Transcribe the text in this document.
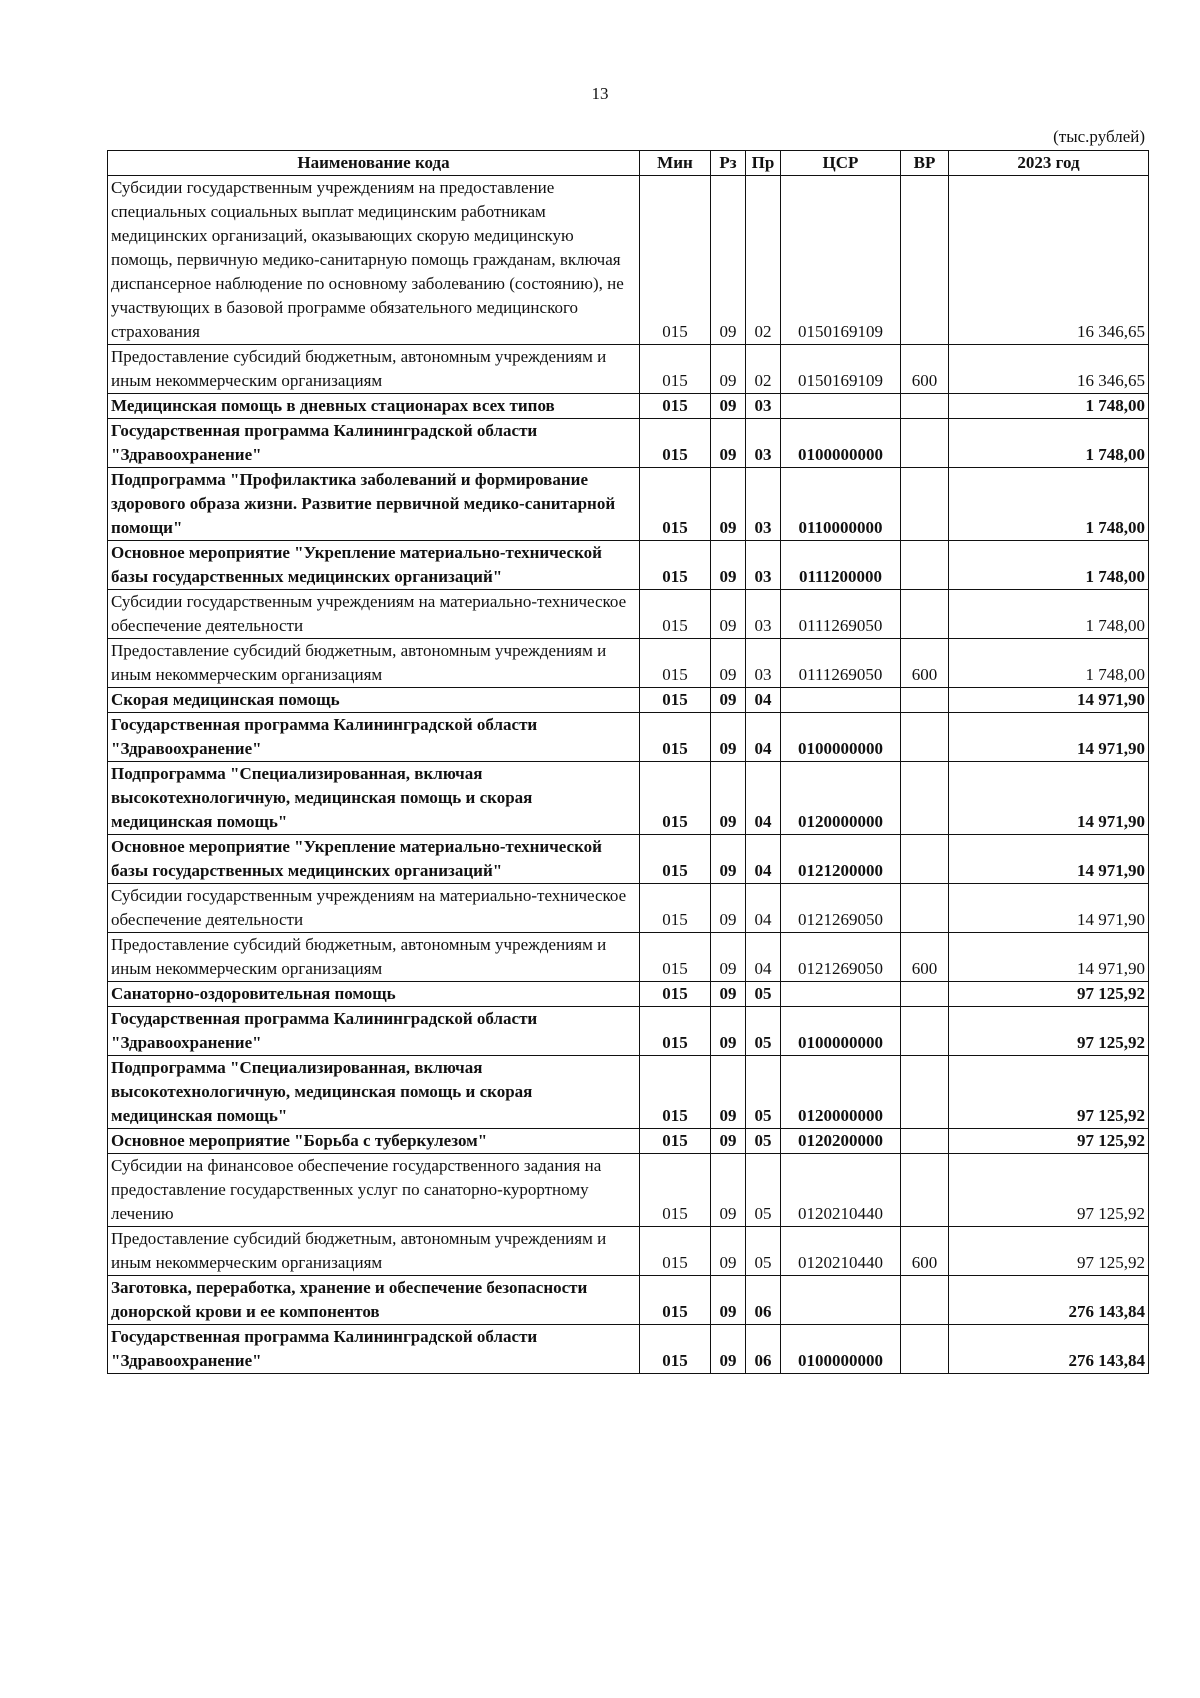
13
(тыс.рублей)
Наименование кода	Мин	Рз	Пр	ЦСР	ВР	2023 год
Субсидии государственным учреждениям на предоставление специальных социальных выплат медицинским работникам медицинских организаций, оказывающих скорую медицинскую помощь, первичную медико-санитарную помощь гражданам, включая диспансерное наблюдение по основному заболеванию (состоянию), не участвующих в базовой программе обязательного медицинского страхования	015	09	02	0150169109		16 346,65
Предоставление субсидий бюджетным, автономным учреждениям и иным некоммерческим организациям	015	09	02	0150169109	600	16 346,65
Медицинская помощь в дневных стационарах всех типов	015	09	03			1 748,00
Государственная программа Калининградской области "Здравоохранение"	015	09	03	0100000000		1 748,00
Подпрограмма "Профилактика заболеваний и формирование здорового образа жизни. Развитие первичной медико-санитарной помощи"	015	09	03	0110000000		1 748,00
Основное мероприятие "Укрепление материально-технической базы государственных медицинских организаций"	015	09	03	0111200000		1 748,00
Субсидии государственным учреждениям на материально-техническое обеспечение деятельности	015	09	03	0111269050		1 748,00
Предоставление субсидий бюджетным, автономным учреждениям и иным некоммерческим организациям	015	09	03	0111269050	600	1 748,00
Скорая медицинская помощь	015	09	04			14 971,90
Государственная программа Калининградской области "Здравоохранение"	015	09	04	0100000000		14 971,90
Подпрограмма "Специализированная, включая высокотехнологичную, медицинская помощь и скорая медицинская помощь"	015	09	04	0120000000		14 971,90
Основное мероприятие "Укрепление материально-технической базы государственных медицинских организаций"	015	09	04	0121200000		14 971,90
Субсидии государственным учреждениям на материально-техническое обеспечение деятельности	015	09	04	0121269050		14 971,90
Предоставление субсидий бюджетным, автономным учреждениям и иным некоммерческим организациям	015	09	04	0121269050	600	14 971,90
Санаторно-оздоровительная помощь	015	09	05			97 125,92
Государственная программа Калининградской области "Здравоохранение"	015	09	05	0100000000		97 125,92
Подпрограмма "Специализированная, включая высокотехнологичную, медицинская помощь и скорая медицинская помощь"	015	09	05	0120000000		97 125,92
Основное мероприятие "Борьба с туберкулезом"	015	09	05	0120200000		97 125,92
Субсидии на финансовое обеспечение государственного задания на предоставление государственных услуг по санаторно-курортному лечению	015	09	05	0120210440		97 125,92
Предоставление субсидий бюджетным, автономным учреждениям и иным некоммерческим организациям	015	09	05	0120210440	600	97 125,92
Заготовка, переработка, хранение и обеспечение безопасности донорской крови и ее компонентов	015	09	06			276 143,84
Государственная программа Калининградской области "Здравоохранение"	015	09	06	0100000000		276 143,84
